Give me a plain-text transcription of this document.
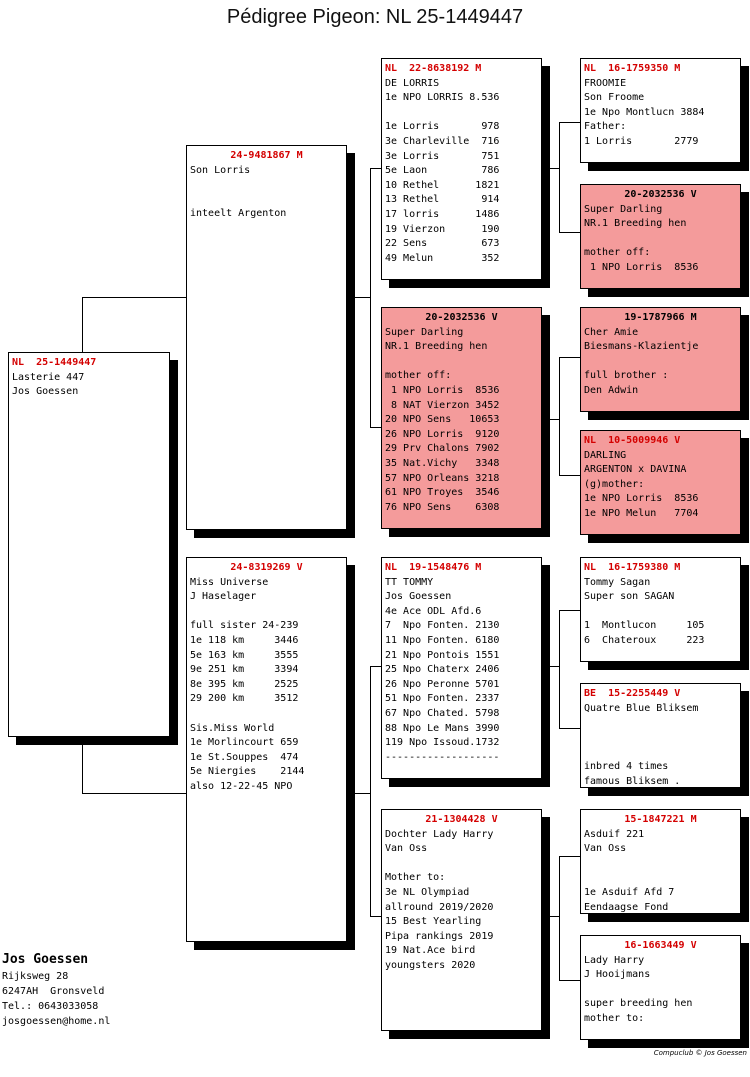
Pédigree Pigeon: NL 25-1449447
NL  25-1449447
Lasterie 447
Jos Goessen
24-9481867 M
Son Lorris

inteelt Argenton
24-8319269 V
Miss Universe
J Haselager

full sister 24-239
1e 118 km     3446
5e 163 km     3555
9e 251 km     3394
8e 395 km     2525
29 200 km     3512

Sis.Miss World
1e Morlincourt 659
1e St.Souppes  474
5e Niergies    2144
also 12-22-45 NPO
NL  22-8638192 M
DE LORRIS
1e NPO LORRIS 8.536

1e Lorris       978
3e Charleville  716
3e Lorris       751
5e Laon         786
10 Rethel      1821
13 Rethel       914
17 lorris      1486
19 Vierzon      190
22 Sens         673
49 Melun        352
20-2032536 V
Super Darling
NR.1 Breeding hen

mother off:
1 NPO Lorris  8536
8 NAT Vierzon 3452
20 NPO Sens   10653
26 NPO Lorris  9120
29 Prv Chalons 7902
35 Nat.Vichy   3348
57 NPO Orleans 3218
61 NPO Troyes  3546
76 NPO Sens    6308
NL  19-1548476 M
TT TOMMY
Jos Goessen
4e Ace ODL Afd.6
7  Npo Fonten. 2130
11 Npo Fonten. 6180
21 Npo Pontois 1551
25 Npo Chaterx 2406
26 Npo Peronne 5701
51 Npo Fonten. 2337
67 Npo Chated. 5798
88 Npo Le Mans 3990
119 Npo Issoud.1732
-------------------
21-1304428 V
Dochter Lady Harry
Van Oss

Mother to:
3e NL Olympiad
allround 2019/2020
15 Best Yearling
Pipa rankings 2019
19 Nat.Ace bird
youngsters 2020
NL  16-1759350 M
FROOMIE
Son Froome
1e Npo Montlucn 3884
Father:
1 Lorris       2779
20-2032536 V
Super Darling
NR.1 Breeding hen

mother off:
1 NPO Lorris  8536
19-1787966 M
Cher Amie
Biesmans-Klazientje

full brother :
Den Adwin
NL  10-5009946 V
DARLING
ARGENTON x DAVINA
(g)mother:
1e NPO Lorris  8536
1e NPO Melun   7704
NL  16-1759380 M
Tommy Sagan
Super son SAGAN

1  Montlucon     105
6  Chateroux     223
BE  15-2255449 V
Quatre Blue Bliksem

inbred 4 times
famous Bliksem .
15-1847221 M
Asduif 221
Van Oss

1e Asduif Afd 7
Eendaagse Fond
16-1663449 V
Lady Harry
J Hooijmans

super breeding hen
mother to:
Jos Goessen
Rijksweg 28
6247AH  Gronsveld
Tel.: 0643033058
josgoessen@home.nl
Compuclub © Jos Goessen
